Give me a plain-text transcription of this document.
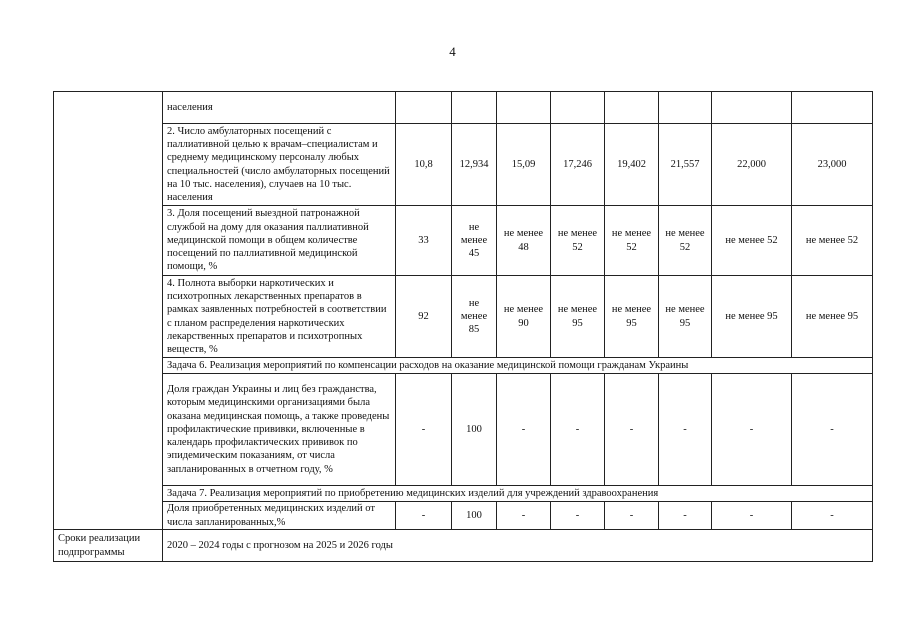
4
	населения								
	2. Число амбулаторных посещений с паллиативной целью к врачам–специалистам и среднему медицинскому персоналу любых специальностей (число амбулаторных посещений на 10 тыс. населения), случаев на 10 тыс. населения	10,8	12,934	15,09	17,246	19,402	21,557	22,000	23,000
	3. Доля посещений выездной патронажной службой на дому для оказания паллиативной медицинской помощи в общем количестве посещений по паллиативной медицинской помощи, %	33	не менее 45	не менее 48	не менее 52	не менее 52	не менее 52	не менее 52	не менее 52
	4. Полнота выборки наркотических и психотропных лекарственных препаратов в рамках заявленных потребностей в соответствии с планом распределения наркотических лекарственных препаратов и психотропных веществ, %	92	не менее 85	не менее 90	не менее 95	не менее 95	не менее 95	не менее 95	не менее 95
	Задача 6. Реализация мероприятий по компенсации расходов на оказание медицинской помощи гражданам Украины								
	Доля граждан Украины и лиц без гражданства, которым медицинскими организациями была оказана медицинская помощь, а также проведены профилактические прививки, включенные в календарь профилактических прививок по эпидемическим показаниям, от числа запланированных в отчетном году, %	-	100	-	-	-	-	-	-
	Задача 7. Реализация мероприятий по приобретению медицинских изделий для учреждений здравоохранения								
	Доля приобретенных медицинских изделий от числа запланированных,%	-	100	-	-	-	-	-	-
Сроки реализации подпрограммы	2020 – 2024 годы с прогнозом на 2025 и 2026 годы								
